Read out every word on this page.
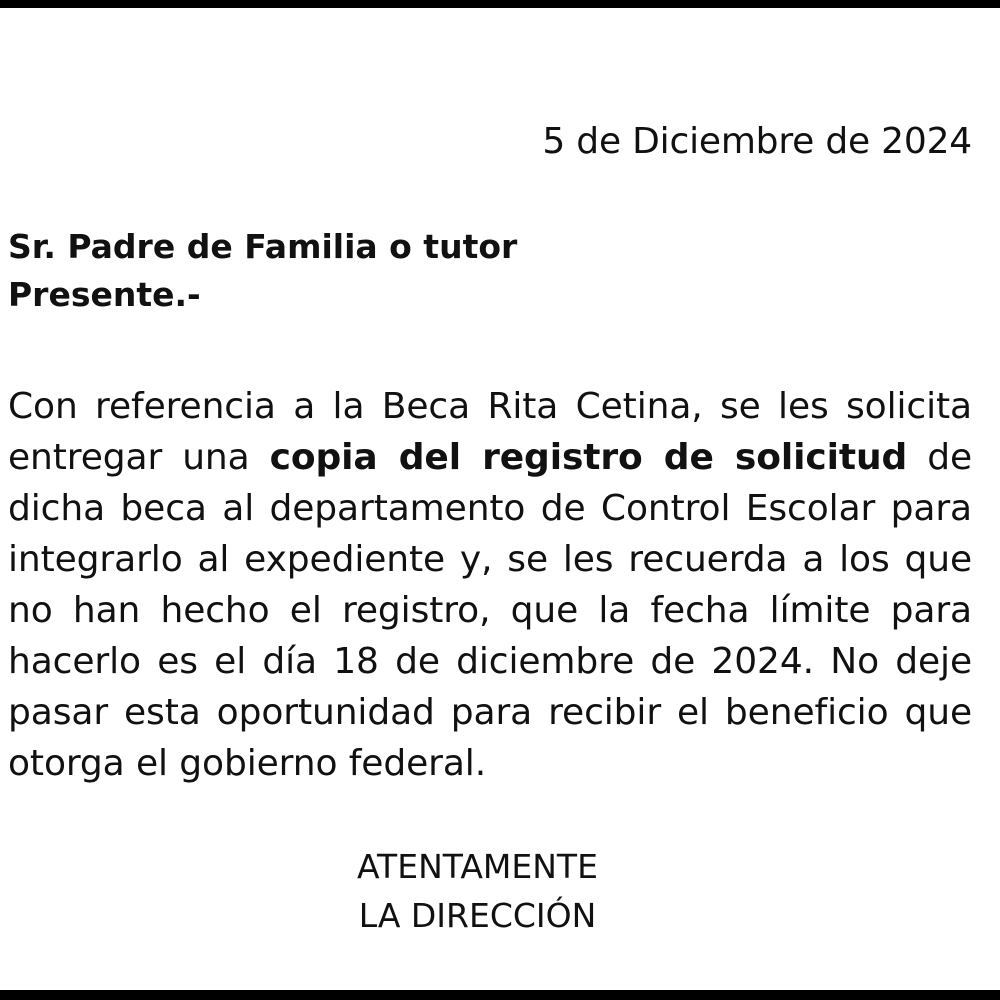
5 de Diciembre de 2024
Sr. Padre de Familia o tutor
Presente.-
Con referencia a la Beca Rita Cetina, se les solicita entregar una copia del registro de solicitud de dicha beca al departamento de Control Escolar para integrarlo al expediente y, se les recuerda a los que no han hecho el registro, que la fecha límite para hacerlo es el día 18 de diciembre de 2024. No deje pasar esta oportunidad para recibir el beneficio que otorga el gobierno federal.
ATENTAMENTE
LA DIRECCIÓN
